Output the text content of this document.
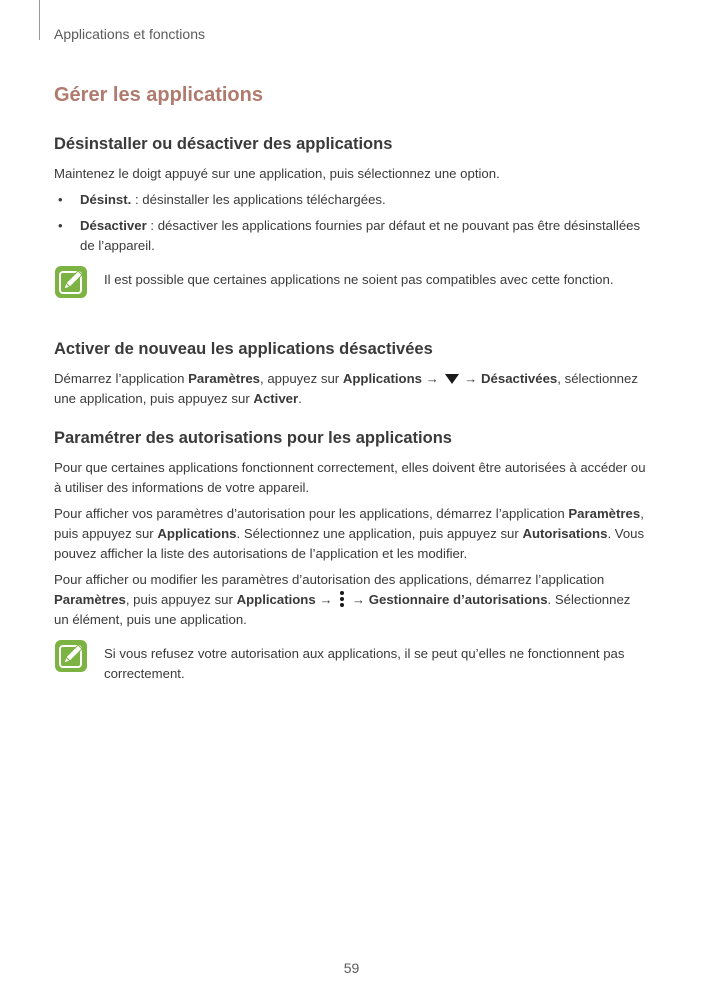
Applications et fonctions
Gérer les applications
Désinstaller ou désactiver des applications

Maintenez le doigt appuyé sur une application, puis sélectionnez une option.

• Désinst. : désinstaller les applications téléchargées.
• Désactiver : désactiver les applications fournies par défaut et ne pouvant pas être désinstallées de l’appareil.

Il est possible que certaines applications ne soient pas compatibles avec cette fonction.

Activer de nouveau les applications désactivées

Démarrez l’application Paramètres, appuyez sur Applications →  → Désactivées, sélectionnez une application, puis appuyez sur Activer.

Paramétrer des autorisations pour les applications

Pour que certaines applications fonctionnent correctement, elles doivent être autorisées à accéder ou à utiliser des informations de votre appareil.

Pour afficher vos paramètres d’autorisation pour les applications, démarrez l’application Paramètres, puis appuyez sur Applications. Sélectionnez une application, puis appuyez sur Autorisations. Vous pouvez afficher la liste des autorisations de l’application et les modifier.

Pour afficher ou modifier les paramètres d’autorisation des applications, démarrez l’application Paramètres, puis appuyez sur Applications →  → Gestionnaire d’autorisations. Sélectionnez un élément, puis une application.

Si vous refusez votre autorisation aux applications, il se peut qu’elles ne fonctionnent pas correctement.

59
